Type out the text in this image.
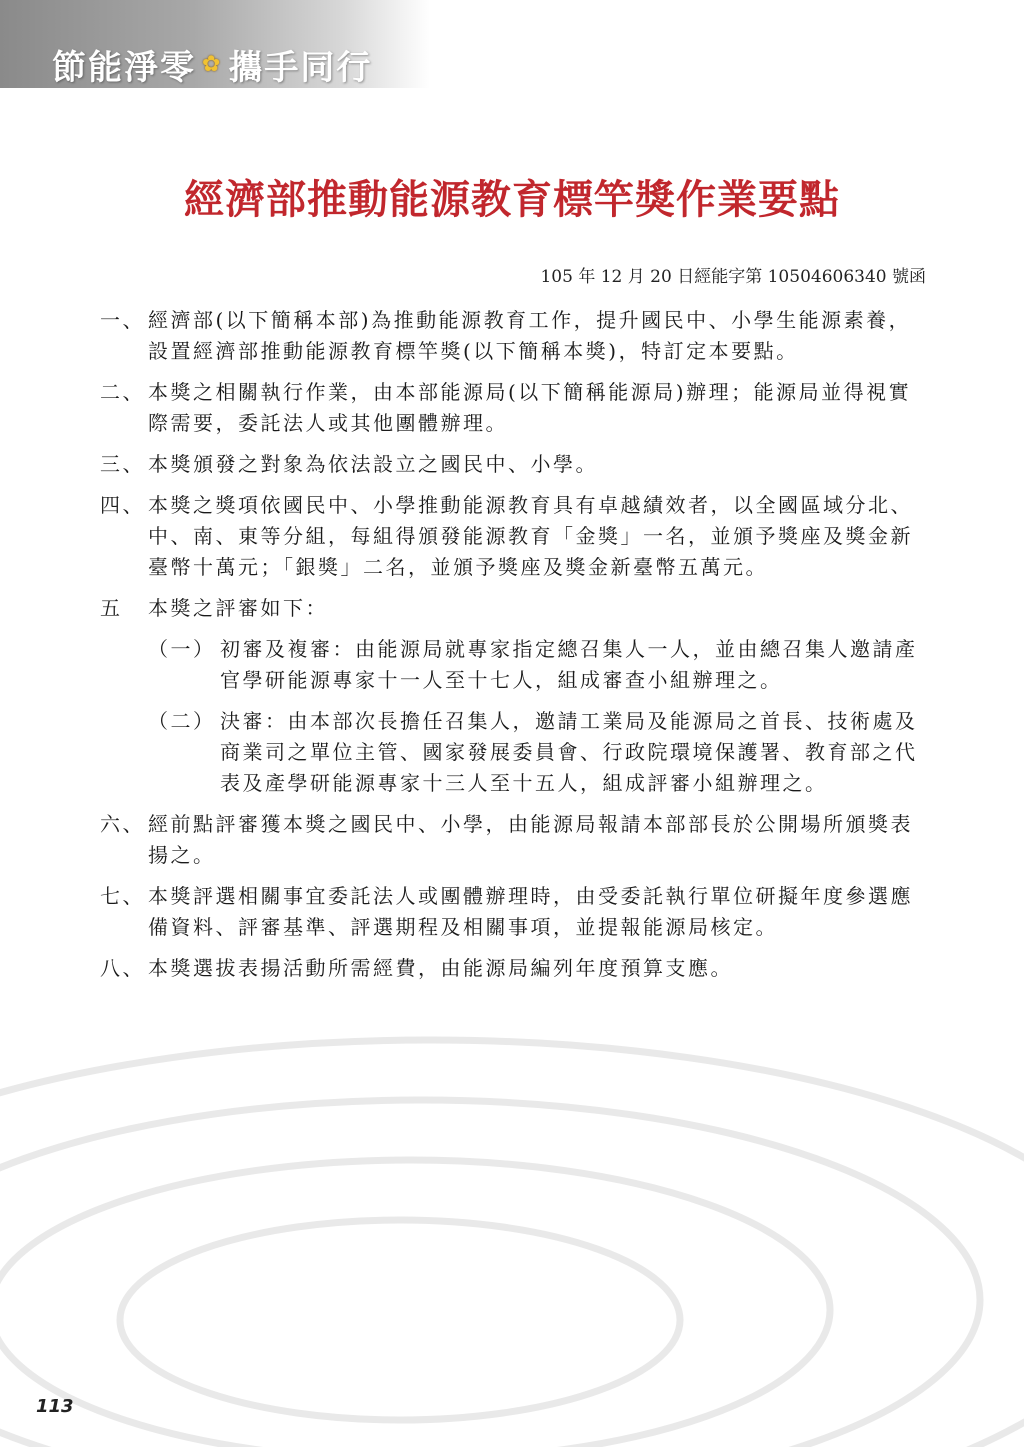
節能淨零 ✿ 攜手同行
經濟部推動能源教育標竿獎作業要點
105 年 12 月 20 日經能字第 10504606340 號函
一、 經濟部(以下簡稱本部)為推動能源教育工作，提升國民中、小學生能源素養，設置經濟部推動能源教育標竿獎(以下簡稱本獎)，特訂定本要點。
二、 本獎之相關執行作業，由本部能源局(以下簡稱能源局)辦理；能源局並得視實際需要，委託法人或其他團體辦理。
三、 本獎頒發之對象為依法設立之國民中、小學。
四、 本獎之獎項依國民中、小學推動能源教育具有卓越績效者，以全國區域分北、中、南、東等分組，每組得頒發能源教育「金獎」一名，並頒予獎座及獎金新臺幣十萬元；「銀獎」二名，並頒予獎座及獎金新臺幣五萬元。
五	本獎之評審如下：
（一） 初審及複審：由能源局就專家指定總召集人一人，並由總召集人邀請產官學研能源專家十一人至十七人，組成審查小組辦理之。
（二） 決審：由本部次長擔任召集人，邀請工業局及能源局之首長、技術處及商業司之單位主管、國家發展委員會、行政院環境保護署、教育部之代表及產學研能源專家十三人至十五人，組成評審小組辦理之。
六、 經前點評審獲本獎之國民中、小學，由能源局報請本部部長於公開場所頒獎表揚之。
七、 本獎評選相關事宜委託法人或團體辦理時，由受委託執行單位研擬年度參選應備資料、評審基準、評選期程及相關事項，並提報能源局核定。
八、 本獎選拔表揚活動所需經費，由能源局編列年度預算支應。
113
